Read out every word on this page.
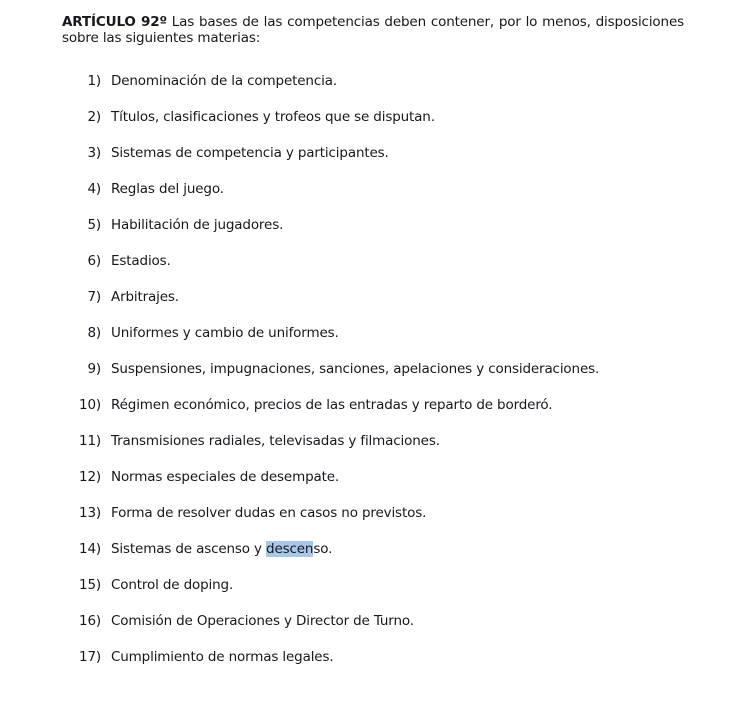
ARTÍCULO 92º Las bases de las competencias deben contener, por lo menos, disposiciones sobre las siguientes materias:

1) Denominación de la competencia.
2) Títulos, clasificaciones y trofeos que se disputan.
3) Sistemas de competencia y participantes.
4) Reglas del juego.
5) Habilitación de jugadores.
6) Estadios.
7) Arbitrajes.
8) Uniformes y cambio de uniformes.
9) Suspensiones, impugnaciones, sanciones, apelaciones y consideraciones.
10) Régimen económico, precios de las entradas y reparto de borderó.
11) Transmisiones radiales, televisadas y filmaciones.
12) Normas especiales de desempate.
13) Forma de resolver dudas en casos no previstos.
14) Sistemas de ascenso y descenso.
15) Control de doping.
16) Comisión de Operaciones y Director de Turno.
17) Cumplimiento de normas legales.
